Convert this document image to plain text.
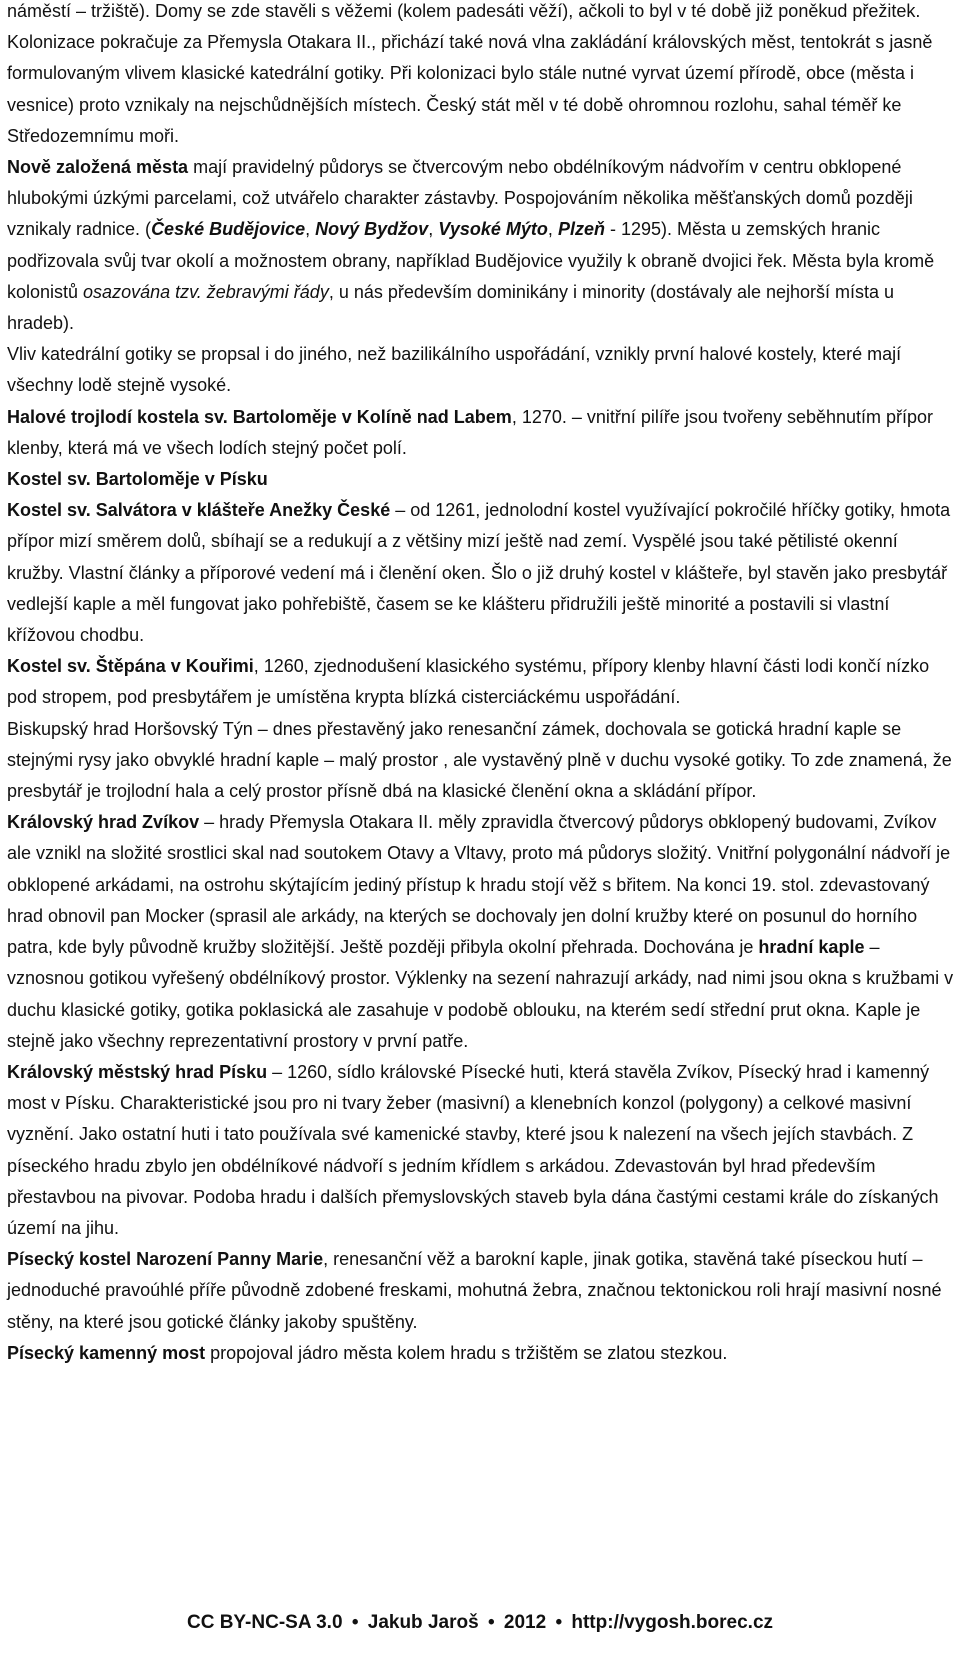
náměstí – tržiště). Domy se zde stavěli s věžemi (kolem padesáti věží), ačkoli to byl v té době již poněkud přežitek.

Kolonizace pokračuje za Přemysla Otakara II., přichází také nová vlna zakládání královských měst, tentokrát s jasně formulovaným vlivem klasické katedrální gotiky. Při kolonizaci bylo stále nutné vyrvat území přírodě, obce (města i vesnice) proto vznikaly na nejschůdnějších místech. Český stát měl v té době ohromnou rozlohu, sahal téměř ke Středozemnímu moři.

Nově založená města mají pravidelný půdorys se čtvercovým nebo obdélníkovým nádvořím v centru obklopené hlubokými úzkými parcelami, což utvářelo charakter zástavby. Pospojováním několika měšťanských domů později vznikaly radnice. (České Budějovice, Nový Bydžov, Vysoké Mýto, Plzeň - 1295). Města u zemských hranic podřizovala svůj tvar okolí a možnostem obrany, například Budějovice využily k obraně dvojici řek. Města byla kromě kolonistů osazována tzv. žebravými řády, u nás především dominikány i minority (dostávaly ale nejhorší místa u hradeb).

Vliv katedrální gotiky se propsal i do jiného, než bazilikálního uspořádání, vznikly první halové kostely, které mají všechny lodě stejně vysoké.

Halové trojlodí kostela sv. Bartoloměje v Kolíně nad Labem, 1270. – vnitřní pilíře jsou tvořeny seběhnutím přípor klenby, která má ve všech lodích stejný počet polí.

Kostel sv. Bartoloměje v Písku

Kostel sv. Salvátora v klášteře Anežky České – od 1261, jednolodní kostel využívající pokročilé hříčky gotiky, hmota přípor mizí směrem dolů, sbíhají se a redukují a z většiny mizí ještě nad zemí. Vyspělé jsou také pětilisté okenní kružby. Vlastní články a příporové vedení má i členění oken. Šlo o již druhý kostel v klášteře, byl stavěn jako presbytář vedlejší kaple a měl fungovat jako pohřebiště, časem se ke klášteru přidružili ještě minorité a postavili si vlastní křížovou chodbu.

Kostel sv. Štěpána v Kouřimi, 1260, zjednodušení klasického systému, přípory klenby hlavní části lodi končí nízko pod stropem, pod presbytářem je umístěna krypta blízká cisterciáckému uspořádání.

Biskupský hrad Horšovský Týn – dnes přestavěný jako renesanční zámek, dochovala se gotická hradní kaple se stejnými rysy jako obvyklé hradní kaple – malý prostor , ale vystavěný plně v duchu vysoké gotiky. To zde znamená, že presbytář je trojlodní hala a celý prostor přísně dbá na klasické členění okna a skládání přípor.

Královský hrad Zvíkov – hrady Přemysla Otakara II. měly zpravidla čtvercový půdorys obklopený budovami, Zvíkov ale vznikl na složité srostlici skal nad soutokem Otavy a Vltavy, proto má půdorys složitý. Vnitřní polygonální nádvoří je obklopené arkádami, na ostrohu skýtajícím jediný přístup k hradu stojí věž s břitem. Na konci 19. stol. zdevastovaný hrad obnovil pan Mocker (sprasil ale arkády, na kterých se dochovaly jen dolní kružby které on posunul do horního patra, kde byly původně kružby složitější. Ještě později přibyla okolní přehrada. Dochována je hradní kaple – vznosnou gotikou vyřešený obdélníkový prostor. Výklenky na sezení nahrazují arkády, nad nimi jsou okna s kružbami v duchu klasické gotiky, gotika poklasická ale zasahuje v podobě oblouku, na kterém sedí střední prut okna. Kaple je stejně jako všechny reprezentativní prostory v první patře.

Královský městský hrad Písku – 1260, sídlo královské Písecké huti, která stavěla Zvíkov, Písecký hrad i kamenný most v Písku. Charakteristické jsou pro ni tvary žeber (masivní) a klenebních konzol (polygony) a celkové masivní vyznění. Jako ostatní huti i tato používala své kamenické stavby, které jsou k nalezení na všech jejích stavbách. Z píseckého hradu zbylo jen obdélníkové nádvoří s jedním křídlem s arkádou. Zdevastován byl hrad především přestavbou na pivovar. Podoba hradu i dalších přemyslovských staveb byla dána častými cestami krále do získaných území na jihu.

Písecký kostel Narození Panny Marie, renesanční věž a barokní kaple, jinak gotika, stavěná také píseckou hutí – jednoduché pravoúhlé příře původně zdobené freskami, mohutná žebra, značnou tektonickou roli hrají masivní nosné stěny, na které jsou gotické články jakoby spuštěny.

Písecký kamenný most propojoval jádro města kolem hradu s tržištěm se zlatou stezkou.

CC BY-NC-SA 3.0 • Jakub Jaroš • 2012 • http://vygosh.borec.cz
